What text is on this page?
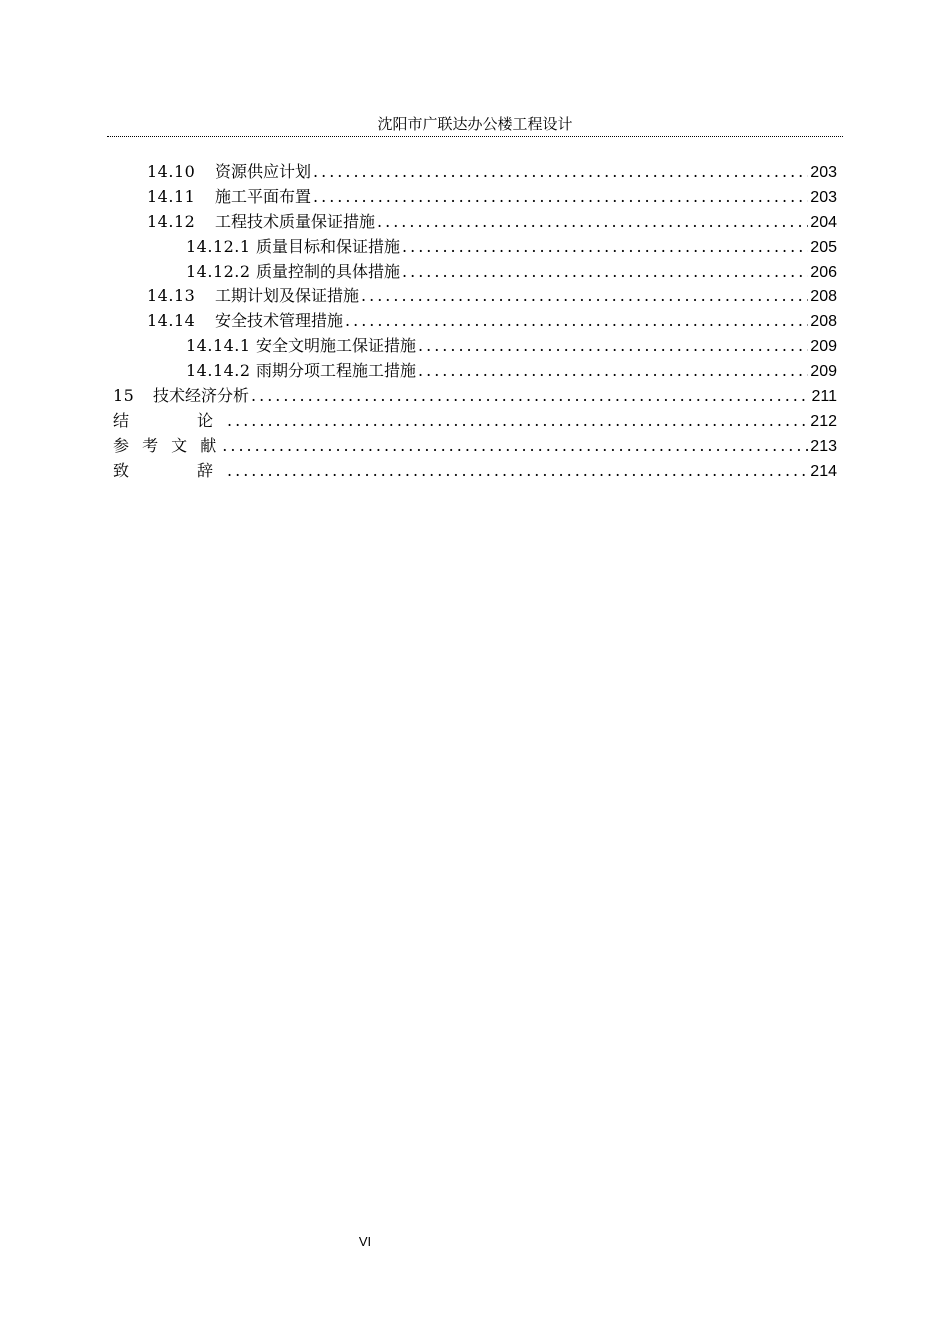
沈阳市广联达办公楼工程设计
14.10	资源供应计划 .....	203
14.11	施工平面布置 .....	203
14.12	工程技术质量保证措施 .....	204
14.12.1 质量目标和保证措施 .....	205
14.12.2 质量控制的具体措施 .....	206
14.13	工期计划及保证措施 .....	208
14.14	安全技术管理措施 .....	208
14.14.1 安全文明施工保证措施 .....	209
14.14.2 雨期分项工程施工措施 .....	209
15	技术经济分析 .....	211
结　　论 .....	212
参 考 文 献 .....	213
致　　辞 .....	214
VI
